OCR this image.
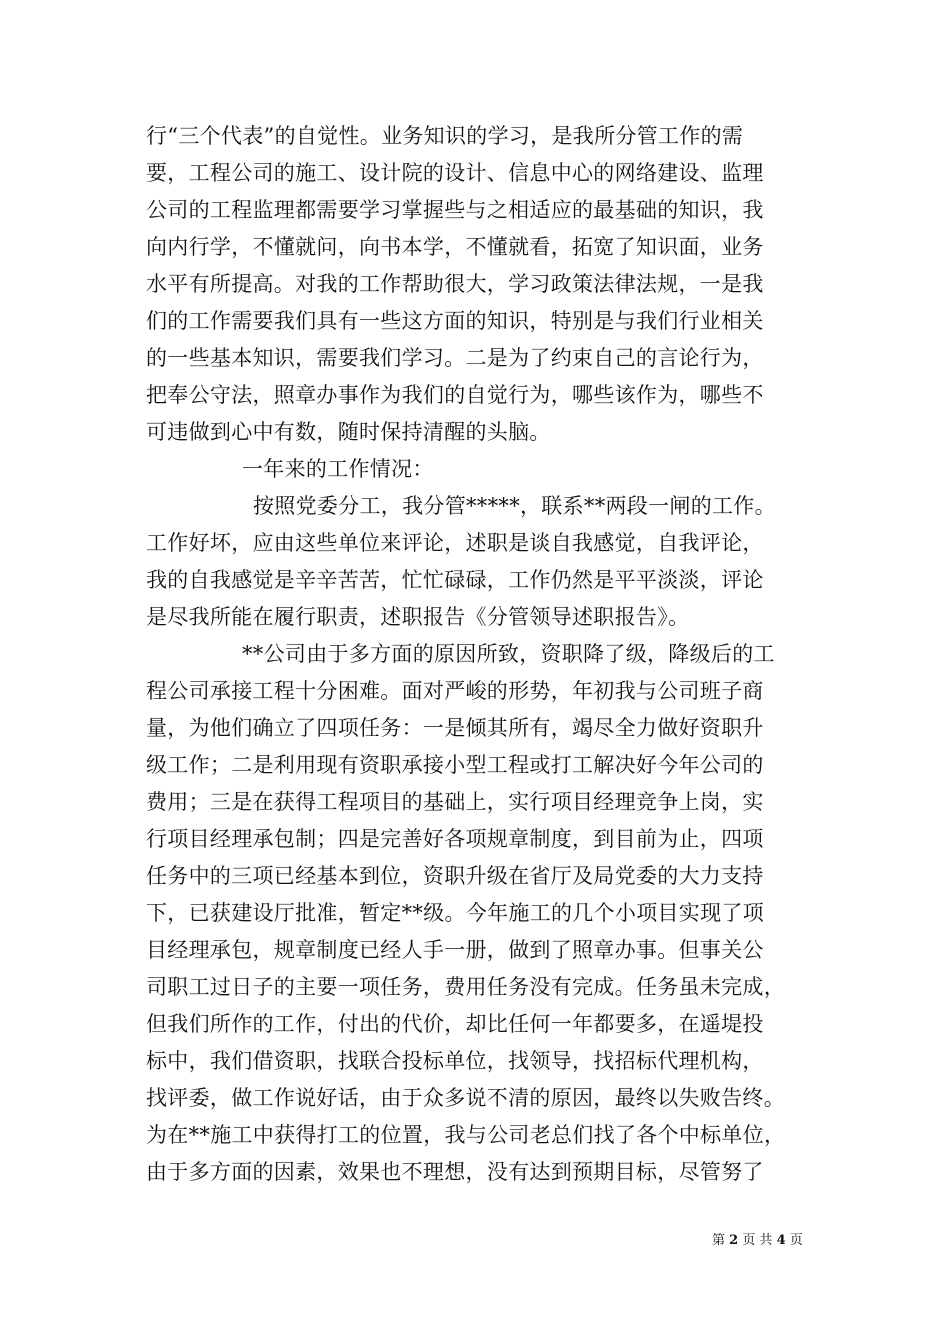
行“三个代表”的自觉性。业务知识的学习，是我所分管工作的需
要，工程公司的施工、设计院的设计、信息中心的网络建设、监理
公司的工程监理都需要学习掌握些与之相适应的最基础的知识，我
向内行学，不懂就问，向书本学，不懂就看，拓宽了知识面，业务
水平有所提高。对我的工作帮助很大，学习政策法律法规，一是我
们的工作需要我们具有一些这方面的知识，特别是与我们行业相关
的一些基本知识，需要我们学习。二是为了约束自己的言论行为，
把奉公守法，照章办事作为我们的自觉行为，哪些该作为，哪些不
可违做到心中有数，随时保持清醒的头脑。
一年来的工作情况：
按照党委分工，我分管*****，联系**两段一闸的工作。
工作好坏，应由这些单位来评论，述职是谈自我感觉，自我评论，
我的自我感觉是辛辛苦苦，忙忙碌碌，工作仍然是平平淡淡，评论
是尽我所能在履行职责，述职报告《分管领导述职报告》。
**公司由于多方面的原因所致，资职降了级，降级后的工
程公司承接工程十分困难。面对严峻的形势，年初我与公司班子商
量，为他们确立了四项任务：一是倾其所有，竭尽全力做好资职升
级工作；二是利用现有资职承接小型工程或打工解决好今年公司的
费用；三是在获得工程项目的基础上，实行项目经理竞争上岗，实
行项目经理承包制；四是完善好各项规章制度，到目前为止，四项
任务中的三项已经基本到位，资职升级在省厅及局党委的大力支持
下，已获建设厅批准，暂定**级。今年施工的几个小项目实现了项
目经理承包，规章制度已经人手一册，做到了照章办事。但事关公
司职工过日子的主要一项任务，费用任务没有完成。任务虽未完成，
但我们所作的工作，付出的代价，却比任何一年都要多，在遥堤投
标中，我们借资职，找联合投标单位，找领导，找招标代理机构，
找评委，做工作说好话，由于众多说不清的原因，最终以失败告终。
为在**施工中获得打工的位置，我与公司老总们找了各个中标单位，
由于多方面的因素，效果也不理想，没有达到预期目标，尽管努了
第 2 页 共 4 页
